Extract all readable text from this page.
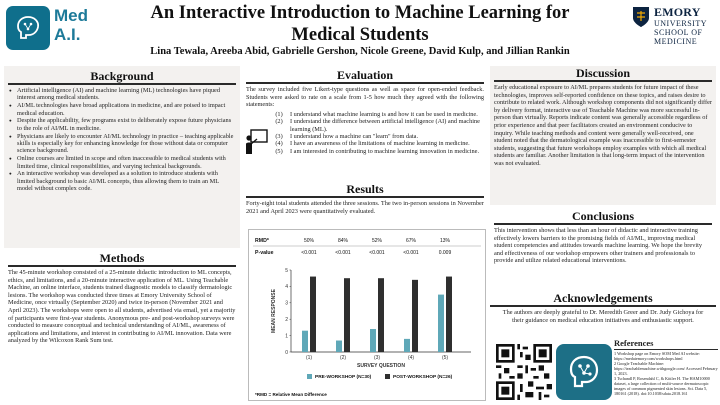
Med
A.I.
An Interactive Introduction to Machine Learning for
Medical Students
Lina Tewala, Areeba Abid, Gabrielle Gershon, Nicole Greene, David Kulp, and Jillian Rankin
EMORY
UNIVERSITY
SCHOOL OF
MEDICINE
Background
● Artificial intelligence (AI) and machine learning (ML) technologies have piqued interest among medical students.
● AI/ML technologies have broad applications in medicine, and are poised to impact medical education.
● Despite the applicability, few programs exist to deliberately expose future physicians to the role of AI/ML in medicine.
● Physicians are likely to encounter AI/ML technology in practice – teaching applicable skills is especially key for enhancing knowledge for those without data or computer science background.
● Online courses are limited in scope and often inaccessible to medical students with limited time, clinical responsibilities, and varying technical backgrounds.
● An interactive workshop was developed as a solution to introduce students with limited background to basic AI/ML concepts, thus allowing them to train an ML model without complex code.
Methods
The 45-minute workshop consisted of a 25-minute didactic introduction to ML concepts, ethics, and limitations, and a 20-minute interactive application of ML. Using Teachable Machine, an online interface, students trained diagnostic models to classify dermatologic lesions. The workshop was conducted three times at Emory University School of Medicine, once virtually (September 2020) and twice in-person (November 2021 and April 2023). The workshops were open to all students, advertised via email, yet a majority of participants were first-year students. Anonymous pre- and post-workshop surveys were conducted to measure conceptual and technical understanding of AI/ML, awareness of applications and limitations, and interest in contributing to AI/ML innovation. Data were analyzed by the Wilcoxon Rank Sum test.
Evaluation
The survey included five Likert-type questions as well as space for open-ended feedback. Students were asked to rate on a scale from 1-5 how much they agreed with the following statements:
(1)	I understand what machine learning is and how it can be used in medicine.
(2)	I understand the difference between artificial intelligence (AI) and machine learning (ML).
(3)	I understand how a machine can "learn" from data.
(4)	I have an awareness of the limitations of machine learning in medicine.
(5)	I am interested in contributing to machine learning innovation in medicine.
Results
Forty-eight total students attended the three sessions. The two in-person sessions in November 2021 and April 2023 were quantitatively evaluated.
RMD*
P-value
50%	84%	52%	67%	13%
<0.001	<0.001	<0.001	<0.001	0.009
0
1
2
3
4
5
MEAN RESPONSE
(1)	(2)	(3)	(4)	(5)
SURVEY QUESTION
PRE-WORKSHOP (N=30)	POST-WORKSHOP (N=26)
*RMD = Relative Mean Difference
Discussion
Early educational exposure to AI/ML prepares students for future impact of these technologies, improves self-reported confidence on these topics, and raises desire to contribute to related work. Although workshop components did not significantly differ by delivery format, interactive use of Teachable Machine was more successful in-person than virtually. Reports indicate content was generally accessible regardless of prior experience and that peer facilitators created an environment conducive to inquiry. While teaching methods and content were generally well-received, one student noted that the dermatological example was inaccessible to first-semester students, suggesting that future workshops employ examples with which all medical students are familiar. Another limitation is that long-term impact of the intervention was not evaluated.
Conclusions
This intervention shows that less than an hour of didactic and interactive training effectively lowers barriers to the promising fields of AI/ML, improving medical student competencies and attitudes towards machine learning. We hope the brevity and effectiveness of our workshop empowers other trainers and professionals to provide and utilize related educational interventions.
Acknowledgements
The authors are deeply grateful to Dr. Meredith Greer and Dr. Judy Gichoya for their guidance on medical education initiatives and enthusiastic support.
References
1 Workshop page on Emory SOM Med AI website: https://medaiemory.com/workshops.html
2 Google Teachable Machine: https://teachablemachine.withgoogle.com/ Accessed February 1, 2023.
3 Tschandl P, Rosendahl C, & Kittler H. The HAM10000 dataset, a large collection of multi-source dermatoscopic images of common pigmented skin lesions. Sci. Data 5, 180161 (2018). doi:10.1038/sdata.2018.161
